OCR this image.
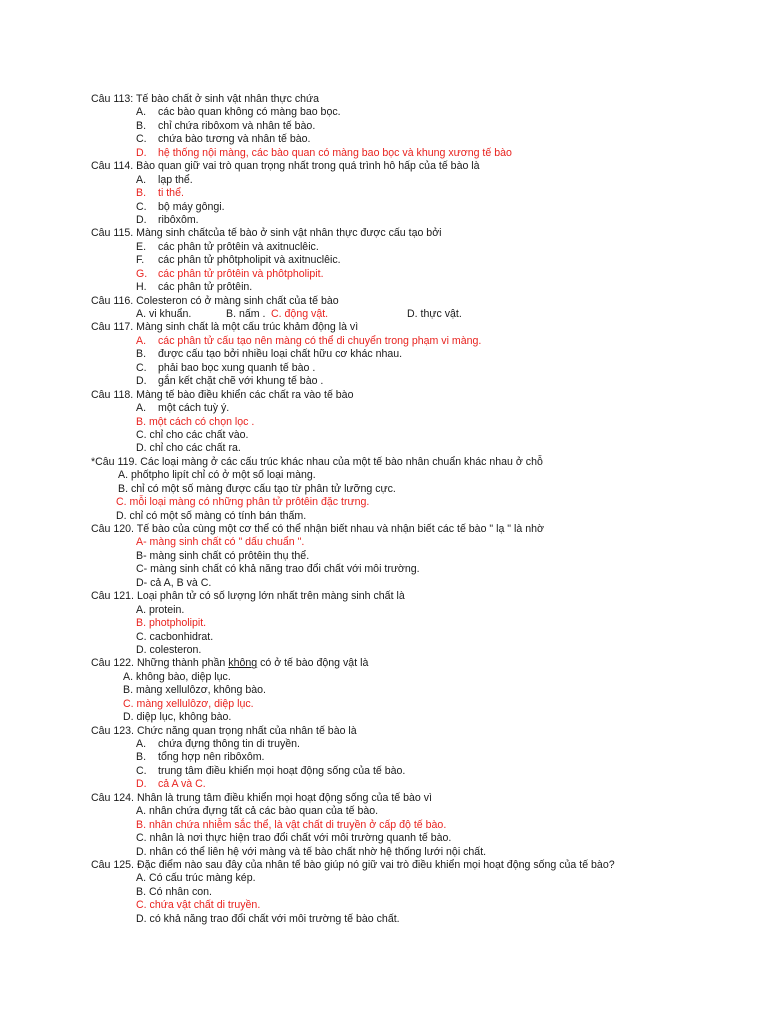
Câu 113: Tế bào chất ở sinh vật nhân thực chứa
A. các bào quan không có màng bao bọc.
B. chỉ chứa ribôxom và nhân tế bào.
C. chứa bào tương và nhân tế bào.
D. hệ thống nội màng, các bào quan có màng bao bọc và khung xương tế bào
Câu 114. Bào quan giữ vai trò quan trọng nhất trong quá trình hô hấp của tế bào là
A. lạp thể.
B. ti thể.
C. bộ máy gôngi.
D. ribôxôm.
Câu 115. Màng sinh chấtcủa tế bào ở sinh vật nhân thực được cấu tạo bởi
E. các phân tử prôtêin và axitnuclêic.
F. các phân tử phôtpholipit và axitnuclêic.
G. các phân tử prôtêin và phôtpholipit.
H. các phân tử prôtêin.
Câu 116. Colesteron có ở màng sinh chất của tế bào
A. vi khuẩn.	B. nấm . C. động vật.	D. thực vật.
Câu 117. Màng sinh chất là một cấu trúc khảm động là vì
A. các phân tử cấu tạo nên màng có thể di chuyển trong phạm vi màng.
B. được cấu tạo bởi nhiều loại chất hữu cơ khác nhau.
C. phải bao bọc xung quanh tế bào .
D. gắn kết chặt chẽ với khung tế bào .
Câu 118. Màng tế bào điều khiển các chất ra vào tế bào
A. một cách tuỳ ý.
B. một cách có chọn lọc .
C. chỉ cho các chất vào.
D. chỉ cho các chất ra.
*Câu 119. Các loại màng ở các cấu trúc khác nhau của một tế bào nhân chuẩn khác nhau ở chỗ
A. phốtpho lipít chỉ có ở một số loại màng.
B. chỉ có một số màng được cấu tạo từ phân tử lưỡng cực.
C. mỗi loại màng có những phân tử prôtêin đặc trưng.
D. chỉ có một số màng có tính bán thấm.
Câu 120. Tế bào của cùng một cơ thể có thể nhận biết nhau và nhận biết các tế bào " lạ " là nhờ
A- màng sinh chất có " dấu chuẩn ".
B- màng sinh chất có prôtêin thụ thể.
C- màng sinh chất có khả năng trao đổi chất với môi trường.
D- cả A, B và C.
Câu 121. Loại phân tử có số lượng lớn nhất trên màng sinh chất là
A. protein.
B. photpholipit.
C. cacbonhidrat.
D. colesteron.
Câu 122. Những thành phần không có ở tế bào động vật là
A. không bào, diệp lục.
B. màng xellulôzơ, không bào.
C. màng xellulôzơ, diệp lục.
D. diệp lục, không bào.
Câu 123. Chức năng quan trọng nhất của nhân tế bào là
A. chứa đựng thông tin di truyền.
B. tổng hợp nên ribôxôm.
C. trung tâm điều khiển mọi hoạt động sống của tế bào.
D. cả A và C.
Câu 124. Nhân là trung tâm điều khiển mọi hoạt động sống của tế bào vì
A. nhân chứa đựng tất cả các bào quan của tế bào.
B. nhân chứa nhiễm sắc thể, là vật chất di truyền ở cấp độ tế bào.
C. nhân là nơi thực hiện trao đổi chất với môi trường quanh tế bào.
D. nhân có thể liên hệ với màng và tế bào chất nhờ hệ thống lưới nội chất.
Câu 125. Đặc điểm nào sau đây của nhân tế bào giúp nó giữ vai trò điều khiển mọi hoạt động sống của tế bào?
A. Có cấu trúc màng kép.
B. Có nhân con.
C. chứa vật chất di truyền.
D. có khả năng trao đổi chất với môi trường tế bào chất.
